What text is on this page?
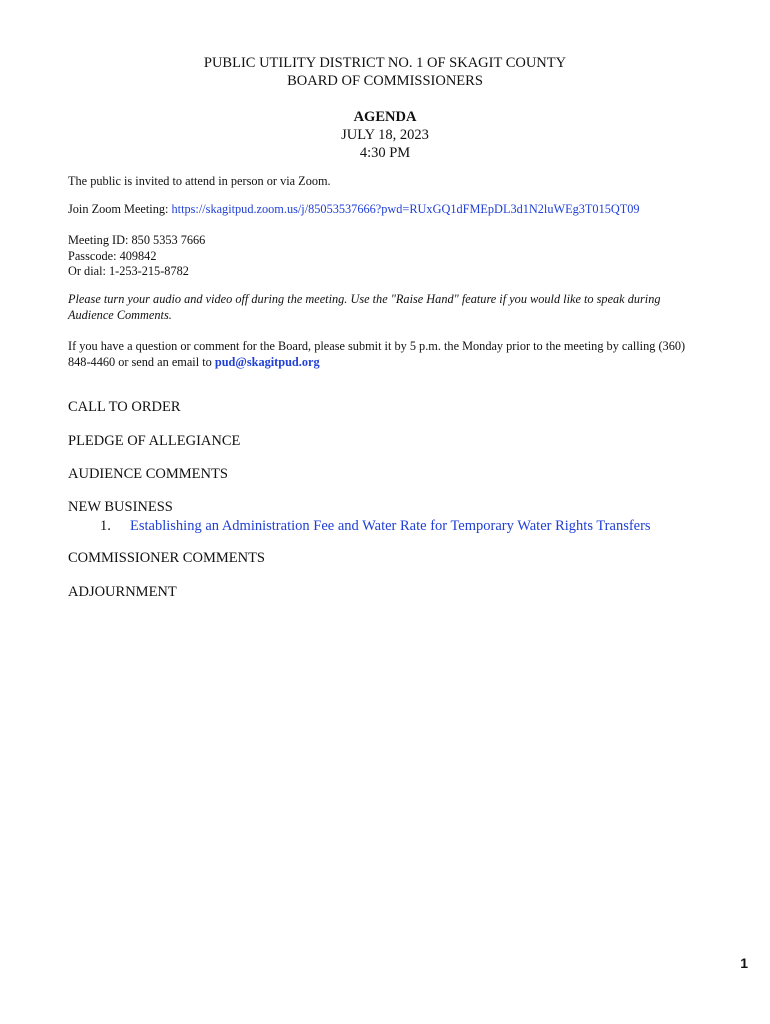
PUBLIC UTILITY DISTRICT NO. 1 OF SKAGIT COUNTY
BOARD OF COMMISSIONERS
AGENDA
JULY 18, 2023
4:30 PM
The public is invited to attend in person or via Zoom.
Join Zoom Meeting: https://skagitpud.zoom.us/j/85053537666?pwd=RUxGQ1dFMEpDL3d1N2luWEg3T015QT09
Meeting ID: 850 5353 7666
Passcode: 409842
Or dial: 1-253-215-8782
Please turn your audio and video off during the meeting. Use the "Raise Hand" feature if you would like to speak during Audience Comments.
If you have a question or comment for the Board, please submit it by 5 p.m. the Monday prior to the meeting by calling (360) 848-4460 or send an email to pud@skagitpud.org
CALL TO ORDER
PLEDGE OF ALLEGIANCE
AUDIENCE COMMENTS
NEW BUSINESS
1. Establishing an Administration Fee and Water Rate for Temporary Water Rights Transfers
COMMISSIONER COMMENTS
ADJOURNMENT
1
